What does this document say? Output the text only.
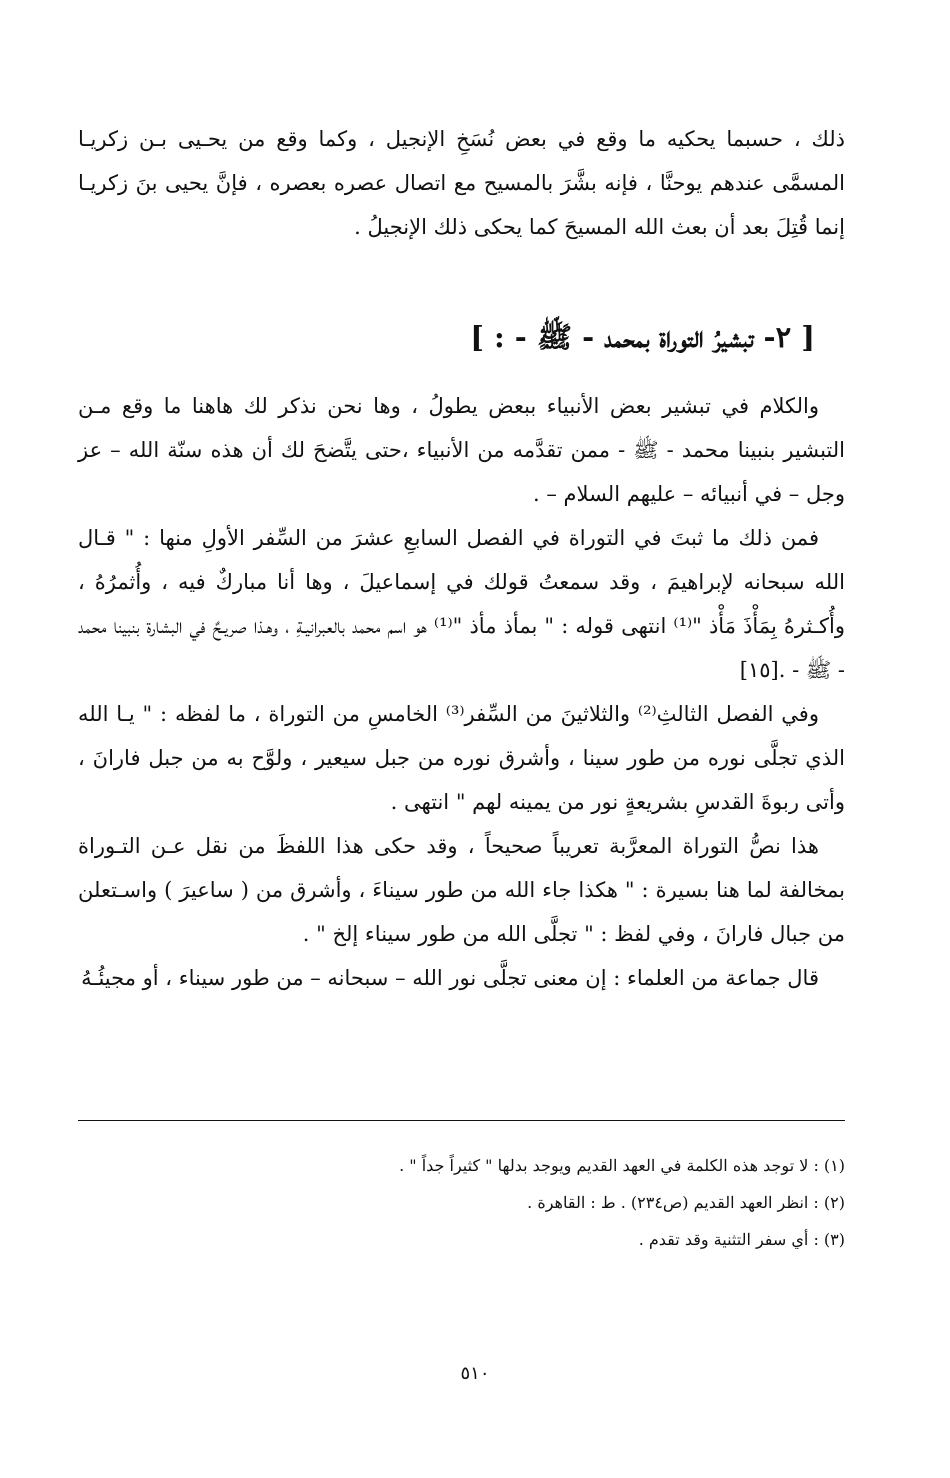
ذلك ، حسبما يحكيه ما وقع في بعض نُسَخِ الإنجيل ، وكما وقع من يحـيى بـن زكريـا المسمَّى عندهم يوحنَّا ، فإنه بشَّرَ بالمسيح مع اتصال عصره بعصره ، فإنَّ يحيى بنَ زكريـا إنما قُتِلَ بعد أن بعث الله المسيحَ كما يحكى ذلك الإنجيلُ .

[ ٢- تبشيرُ التوراة بمحمد - ﷺ - : ]

والكلام في تبشير بعض الأنبياء ببعض يطولُ ، وها نحن نذكر لك هاهنا ما وقع مـن التبشير بنبينا محمد - ﷺ - ممن تقدَّمه من الأنبياء ،حتى يتَّضحَ لك أن هذه سنّة الله – عز وجل – في أنبيائه – عليهم السلام – .

فمن ذلك ما ثبتَ في التوراة في الفصل السابعِ عشرَ من السِّفر الأولِ منها : " قـال الله سبحانه لإبراهيمَ ، وقد سمعتُ قولك في إسماعيلَ ، وها أنا مباركٌ فيه ، وأُثمرُهُ ، وأُكـثرهُ بِمَأْذَ مَأْذ "⁽¹⁾ انتهى قوله : " بمأذ مأذ "⁽¹⁾ هو اسم محمد بالعبرانيـةِ ، وهـذا صريـحٌ في البشارة بنبينا محمد - ﷺ - .[١٥]

وفي الفصل الثالثِ⁽²⁾ والثلاثينَ من السِّفر⁽³⁾ الخامسِ من التوراة ، ما لفظه : " يـا الله الذي تجلَّى نوره من طور سينا ، وأشرق نوره من جبل سيعير ، ولوَّح به من جبل فارانَ ، وأتى ربوةَ القدسِ بشريعةٍ نور من يمينه لهم " انتهى .

هذا نصُّ التوراة المعرَّبة تعريباً صحيحاً ، وقد حكى هذا اللفظَ من نقل عـن التـوراة بمخالفة لما هنا بسيرة : " هكذا جاء الله من طور سيناءَ ، وأشرق من ( ساعيرَ ) واسـتعلن من جبال فارانَ ، وفي لفظ : " تجلَّى الله من طور سيناء إلخ " .

قال جماعة من العلماء : إن معنى تجلَّى نور الله – سبحانه – من طور سيناء ، أو مجيئُـهُ

(١) : لا توجد هذه الكلمة في العهد القديم ويوجد بدلها " كثيراً جداً " .

(٢) : انظر العهد القديم (ص٢٣٤) . ط : القاهرة .

(٣) : أي سفر التثنية وقد تقدم .

٥١٠
